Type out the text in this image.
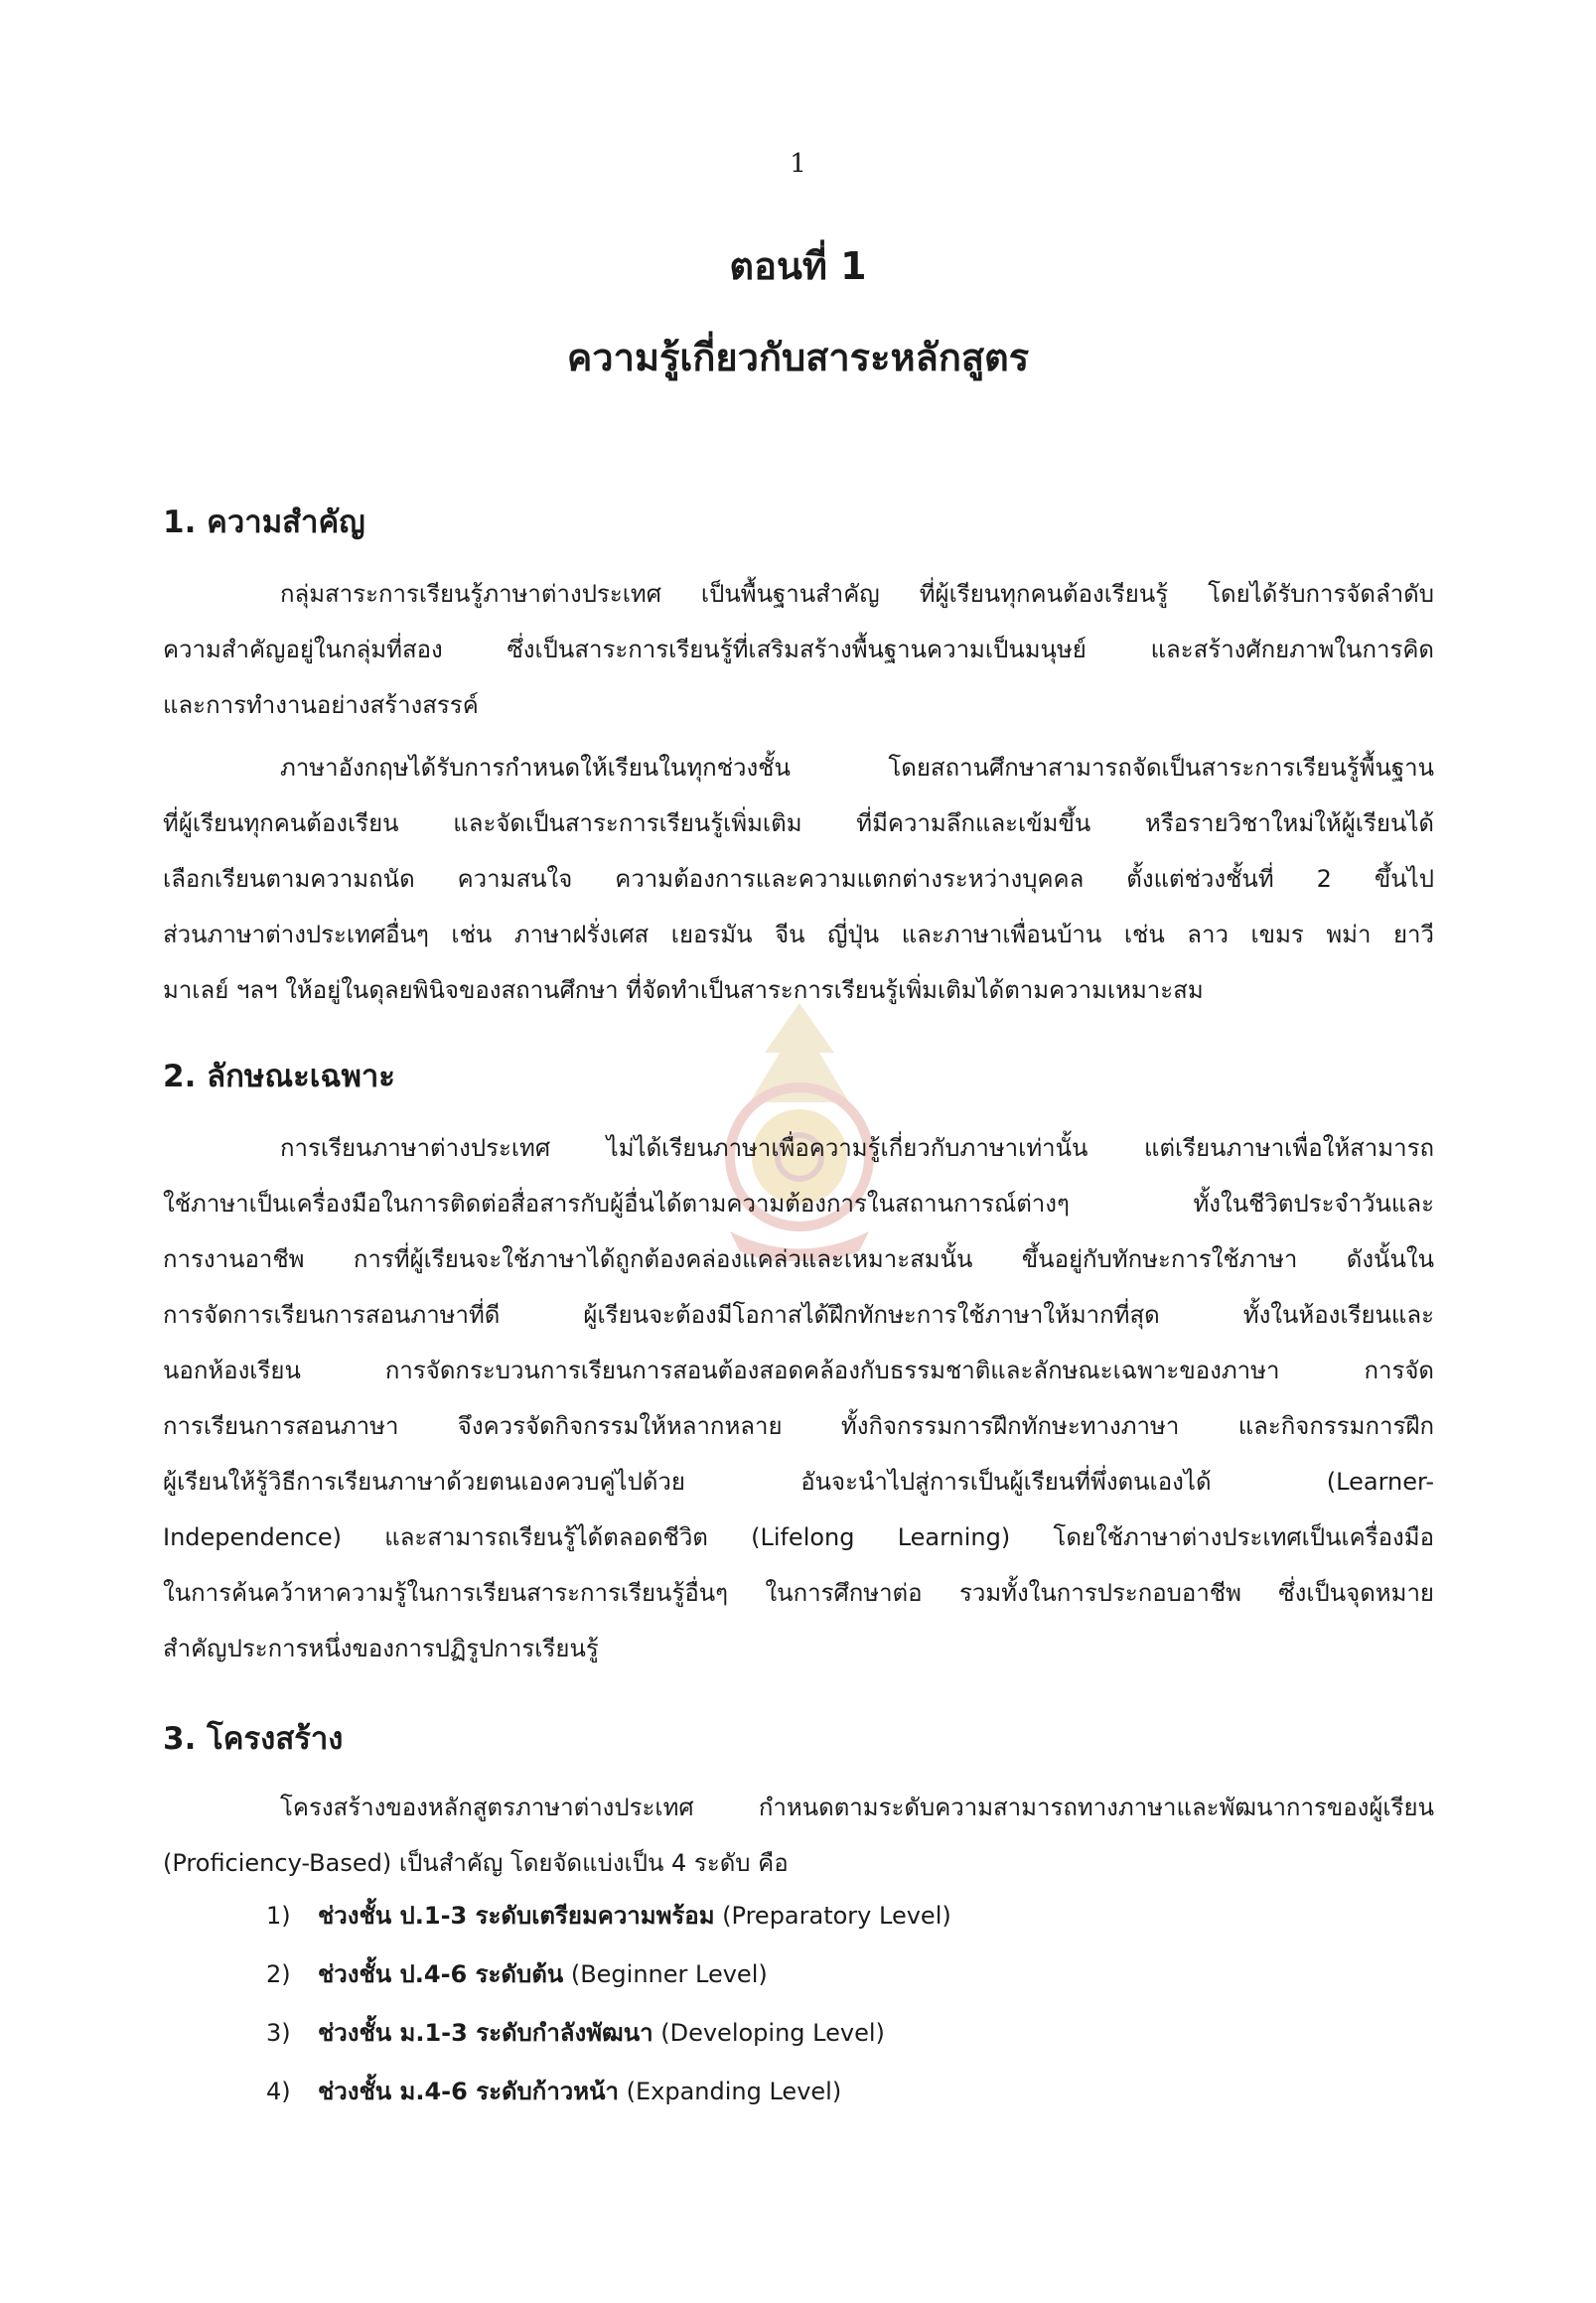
1
ตอนที่ 1
ความรู้เกี่ยวกับสาระหลักสูตร
1. ความสำคัญ
กลุ่มสาระการเรียนรู้ภาษาต่างประเทศ เป็นพื้นฐานสำคัญ ที่ผู้เรียนทุกคนต้องเรียนรู้ โดยได้รับการจัดลำดับ
ความสำคัญอยู่ในกลุ่มที่สอง ซึ่งเป็นสาระการเรียนรู้ที่เสริมสร้างพื้นฐานความเป็นมนุษย์ และสร้างศักยภาพในการคิด
และการทำงานอย่างสร้างสรรค์
ภาษาอังกฤษได้รับการกำหนดให้เรียนในทุกช่วงชั้น โดยสถานศึกษาสามารถจัดเป็นสาระการเรียนรู้พื้นฐาน
ที่ผู้เรียนทุกคนต้องเรียน และจัดเป็นสาระการเรียนรู้เพิ่มเติม ที่มีความลึกและเข้มขึ้น หรือรายวิชาใหม่ให้ผู้เรียนได้
เลือกเรียนตามความถนัด ความสนใจ ความต้องการและความแตกต่างระหว่างบุคคล ตั้งแต่ช่วงชั้นที่ 2 ขึ้นไป
ส่วนภาษาต่างประเทศอื่นๆ เช่น ภาษาฝรั่งเศส เยอรมัน จีน ญี่ปุ่น และภาษาเพื่อนบ้าน เช่น ลาว เขมร พม่า ยาวี
มาเลย์ ฯลฯ ให้อยู่ในดุลยพินิจของสถานศึกษา ที่จัดทำเป็นสาระการเรียนรู้เพิ่มเติมได้ตามความเหมาะสม
2. ลักษณะเฉพาะ
การเรียนภาษาต่างประเทศ ไม่ได้เรียนภาษาเพื่อความรู้เกี่ยวกับภาษาเท่านั้น แต่เรียนภาษาเพื่อให้สามารถ
ใช้ภาษาเป็นเครื่องมือในการติดต่อสื่อสารกับผู้อื่นได้ตามความต้องการในสถานการณ์ต่างๆ ทั้งในชีวิตประจำวันและ
การงานอาชีพ การที่ผู้เรียนจะใช้ภาษาได้ถูกต้องคล่องแคล่วและเหมาะสมนั้น ขึ้นอยู่กับทักษะการใช้ภาษา ดังนั้นใน
การจัดการเรียนการสอนภาษาที่ดี ผู้เรียนจะต้องมีโอกาสได้ฝึกทักษะการใช้ภาษาให้มากที่สุด ทั้งในห้องเรียนและ
นอกห้องเรียน การจัดกระบวนการเรียนการสอนต้องสอดคล้องกับธรรมชาติและลักษณะเฉพาะของภาษา การจัด
การเรียนการสอนภาษา จึงควรจัดกิจกรรมให้หลากหลาย ทั้งกิจกรรมการฝึกทักษะทางภาษา และกิจกรรมการฝึก
ผู้เรียนให้รู้วิธีการเรียนภาษาด้วยตนเองควบคู่ไปด้วย อันจะนำไปสู่การเป็นผู้เรียนที่พึ่งตนเองได้ (Learner-
Independence) และสามารถเรียนรู้ได้ตลอดชีวิต (Lifelong Learning) โดยใช้ภาษาต่างประเทศเป็นเครื่องมือ
ในการค้นคว้าหาความรู้ในการเรียนสาระการเรียนรู้อื่นๆ ในการศึกษาต่อ รวมทั้งในการประกอบอาชีพ ซึ่งเป็นจุดหมาย
สำคัญประการหนึ่งของการปฏิรูปการเรียนรู้
3. โครงสร้าง
โครงสร้างของหลักสูตรภาษาต่างประเทศ กำหนดตามระดับความสามารถทางภาษาและพัฒนาการของผู้เรียน
(Proficiency-Based) เป็นสำคัญ โดยจัดแบ่งเป็น 4 ระดับ คือ
1) ช่วงชั้น ป.1-3 ระดับเตรียมความพร้อม (Preparatory Level)
2) ช่วงชั้น ป.4-6 ระดับต้น (Beginner Level)
3) ช่วงชั้น ม.1-3 ระดับกำลังพัฒนา (Developing Level)
4) ช่วงชั้น ม.4-6 ระดับก้าวหน้า (Expanding Level)
